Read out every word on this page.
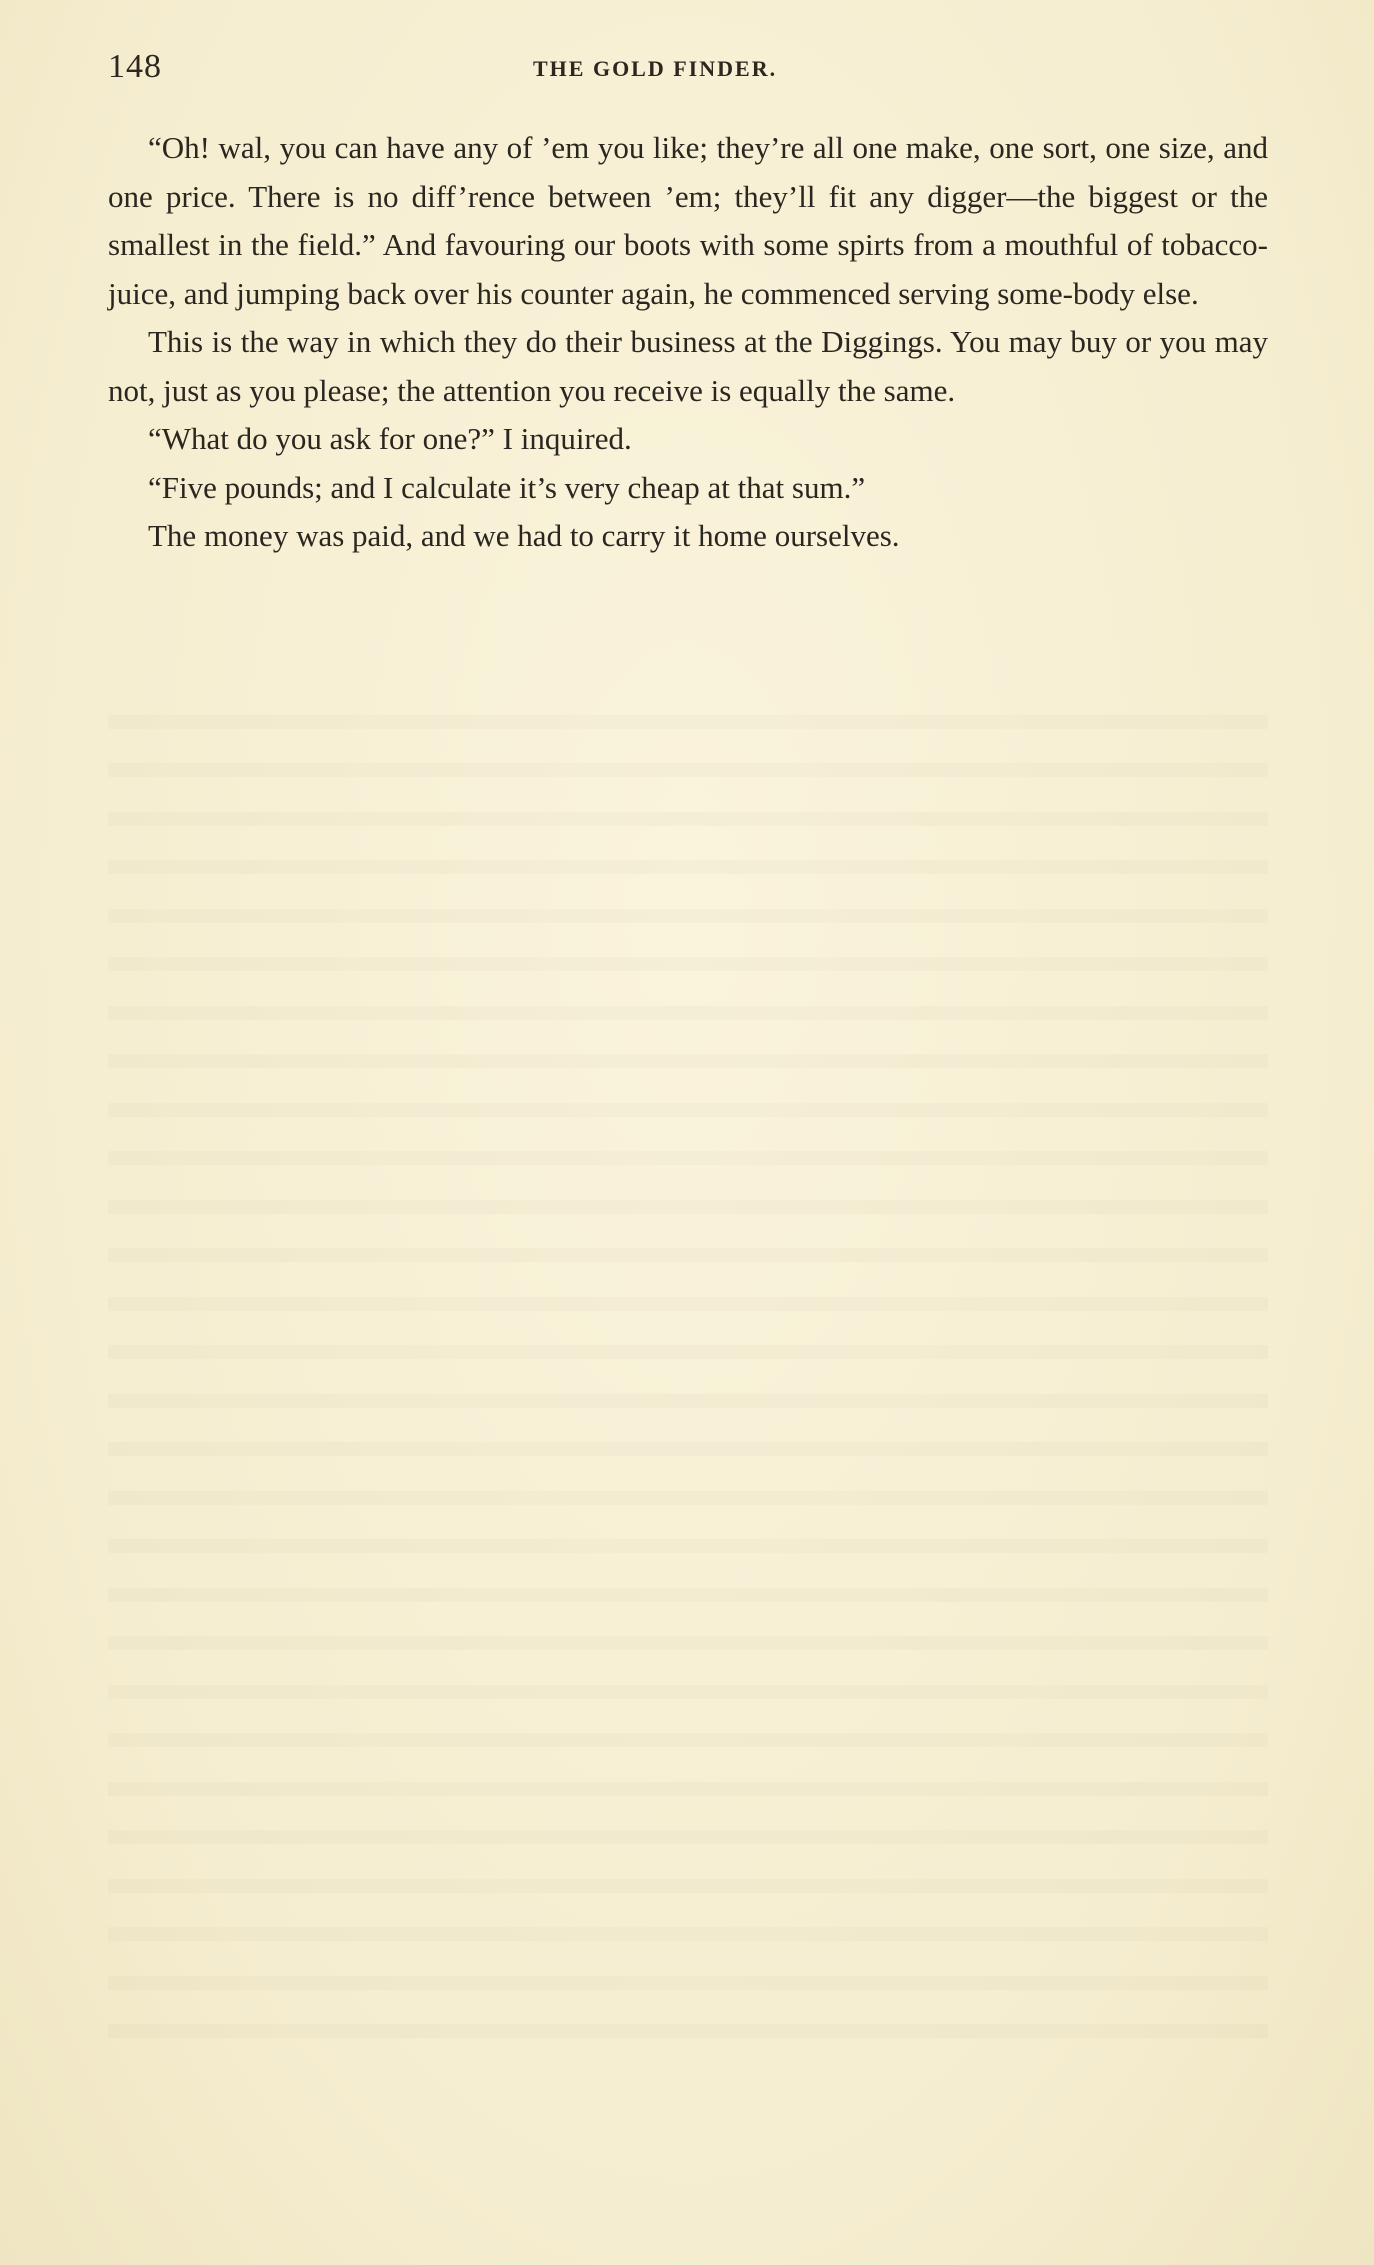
148	THE GOLD FINDER.

“Oh! wal, you can have any of ’em you like; they’re all one make, one sort, one size, and one price. There is no diff’rence between ’em; they’ll fit any digger—the biggest or the smallest in the field.” And favouring our boots with some spirts from a mouthful of tobacco-juice, and jumping back over his counter again, he commenced serving some-body else.

This is the way in which they do their business at the Diggings. You may buy or you may not, just as you please; the attention you receive is equally the same.

“What do you ask for one?” I inquired.

“Five pounds; and I calculate it’s very cheap at that sum.”

The money was paid, and we had to carry it home ourselves.
